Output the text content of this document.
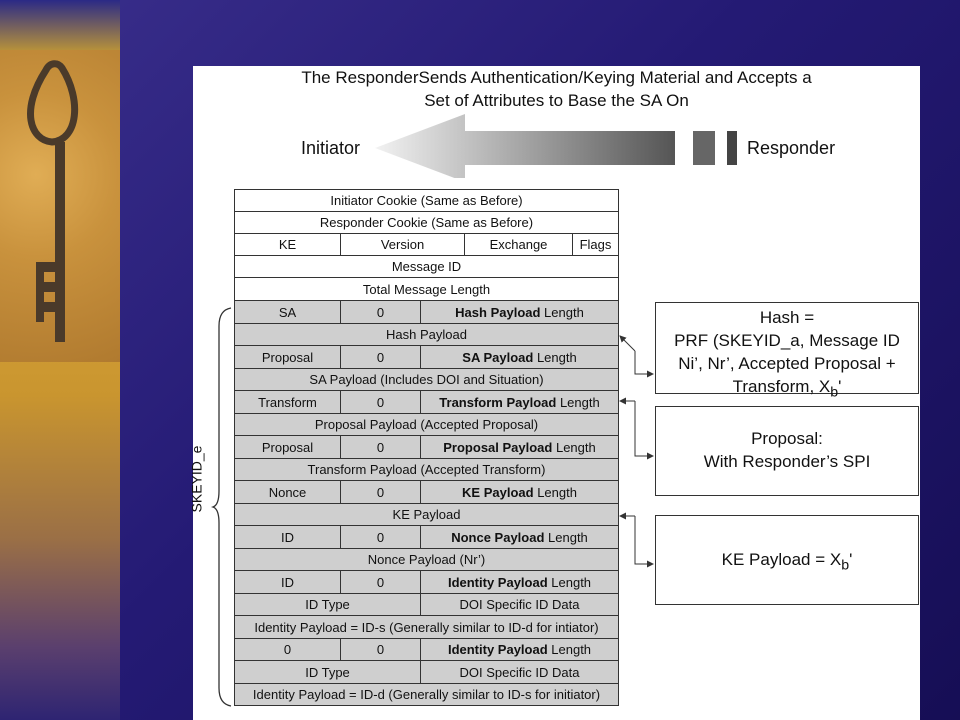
The ResponderSends Authentication/Keying Material and Accepts a
Set of Attributes to Base the SA On
Initiator	Responder
Initiator Cookie (Same as Before)
Responder Cookie (Same as Before)
KE	Version	Exchange	Flags
Message ID
Total Message Length
SA	0	Hash Payload Length
Hash Payload
Proposal	0	SA Payload Length
SA Payload (Includes DOI and Situation)
Transform	0	Transform Payload Length
Proposal Payload (Accepted Proposal)
Proposal	0	Proposal Payload Length
Transform Payload (Accepted Transform)
Nonce	0	KE Payload Length
KE Payload
ID	0	Nonce Payload Length
Nonce Payload (Nr’)
ID	0	Identity Payload Length
ID Type	DOI Specific ID Data
Identity Payload = ID-s (Generally similar to ID-d for intiator)
0	0	Identity Payload Length
ID Type	DOI Specific ID Data
Identity Payload = ID-d (Generally similar to ID-s for initiator)
SKEYID_e
Hash =
PRF (SKEYID_a, Message ID
Ni’, Nr’, Accepted Proposal +
Transform, $X_b'$
Proposal:
With Responder’s SPI
KE Payload = $X_b'$
